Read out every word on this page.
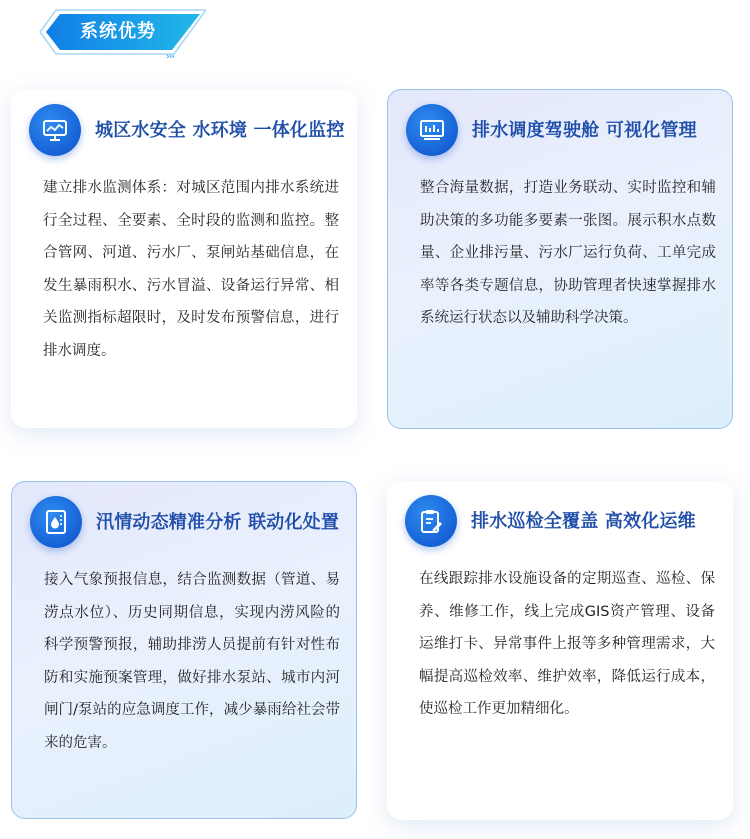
系统优势
›››
城区水安全 水环境 一体化监控
建立排水监测体系：对城区范围内排水系统进行全过程、全要素、全时段的监测和监控。整合管网、河道、污水厂、泵闸站基础信息，在发生暴雨积水、污水冒溢、设备运行异常、相关监测指标超限时，及时发布预警信息，进行排水调度。
排水调度驾驶舱 可视化管理
整合海量数据，打造业务联动、实时监控和辅助决策的多功能多要素一张图。展示积水点数量、企业排污量、污水厂运行负荷、工单完成率等各类专题信息，协助管理者快速掌握排水系统运行状态以及辅助科学决策。
汛情动态精准分析 联动化处置
接入气象预报信息，结合监测数据（管道、易涝点水位）、历史同期信息，实现内涝风险的科学预警预报，辅助排涝人员提前有针对性布防和实施预案管理，做好排水泵站、城市内河闸门/泵站的应急调度工作，减少暴雨给社会带来的危害。
排水巡检全覆盖 高效化运维
在线跟踪排水设施设备的定期巡查、巡检、保养、维修工作，线上完成GIS资产管理、设备运维打卡、异常事件上报等多种管理需求，大幅提高巡检效率、维护效率，降低运行成本，使巡检工作更加精细化。
